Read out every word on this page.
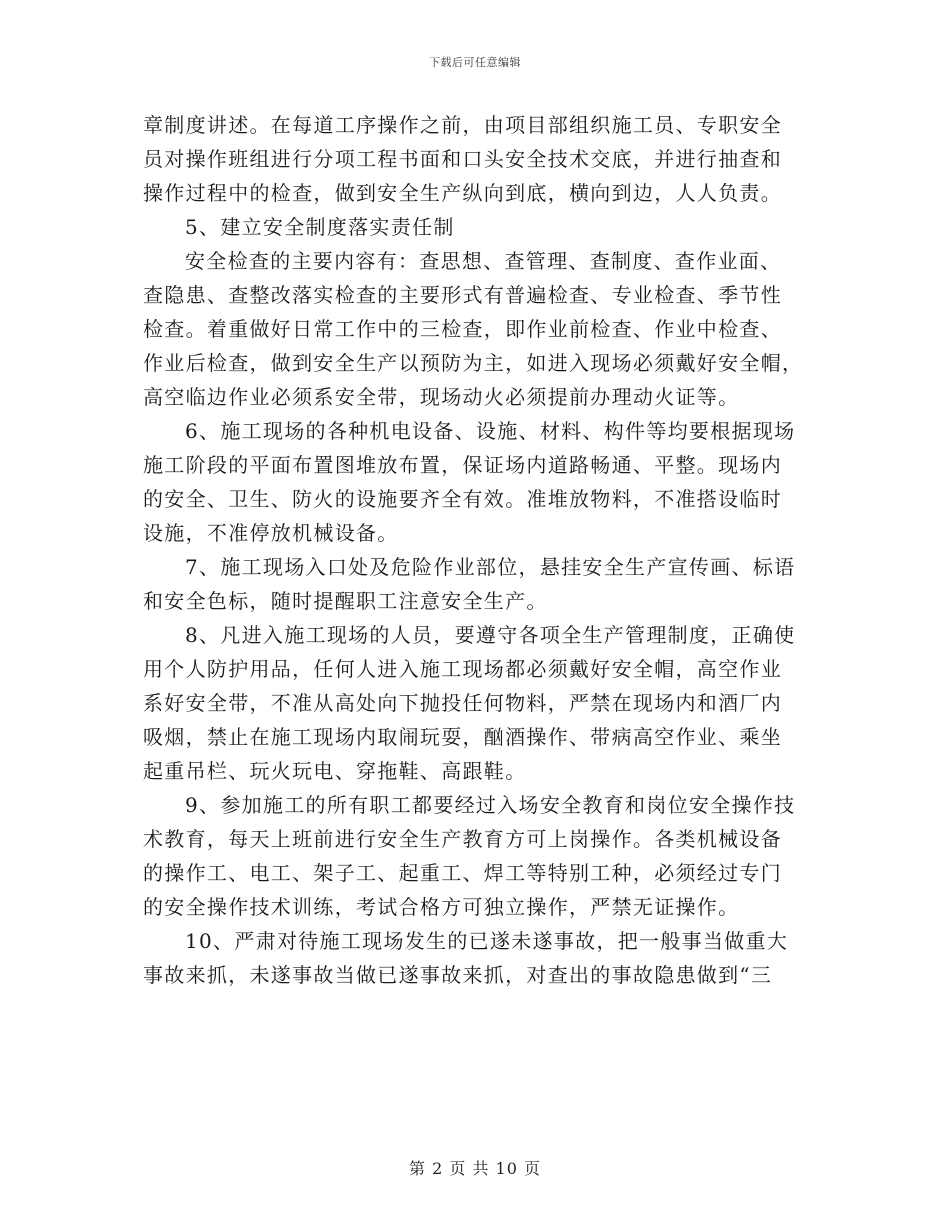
下载后可任意编辑
章制度讲述。在每道工序操作之前，由项目部组织施工员、专职安全
员对操作班组进行分项工程书面和口头安全技术交底，并进行抽查和
操作过程中的检查，做到安全生产纵向到底，横向到边，人人负责。
5、建立安全制度落实责任制
安全检查的主要内容有：查思想、查管理、查制度、查作业面、
查隐患、查整改落实检查的主要形式有普遍检查、专业检查、季节性
检查。着重做好日常工作中的三检查，即作业前检查、作业中检查、
作业后检查，做到安全生产以预防为主，如进入现场必须戴好安全帽，
高空临边作业必须系安全带，现场动火必须提前办理动火证等。
6、施工现场的各种机电设备、设施、材料、构件等均要根据现场
施工阶段的平面布置图堆放布置，保证场内道路畅通、平整。现场内
的安全、卫生、防火的设施要齐全有效。准堆放物料，不准搭设临时
设施，不准停放机械设备。
7、施工现场入口处及危险作业部位，悬挂安全生产宣传画、标语
和安全色标，随时提醒职工注意安全生产。
8、凡进入施工现场的人员，要遵守各项全生产管理制度，正确使
用个人防护用品，任何人进入施工现场都必须戴好安全帽，高空作业
系好安全带，不准从高处向下抛投任何物料，严禁在现场内和酒厂内
吸烟，禁止在施工现场内取闹玩耍，酗酒操作、带病高空作业、乘坐
起重吊栏、玩火玩电、穿拖鞋、高跟鞋。
9、参加施工的所有职工都要经过入场安全教育和岗位安全操作技
术教育，每天上班前进行安全生产教育方可上岗操作。各类机械设备
的操作工、电工、架子工、起重工、焊工等特别工种，必须经过专门
的安全操作技术训练，考试合格方可独立操作，严禁无证操作。
10、严肃对待施工现场发生的已遂未遂事故，把一般事当做重大
事故来抓，未遂事故当做已遂事故来抓，对查出的事故隐患做到“三
第 2 页 共 10 页
